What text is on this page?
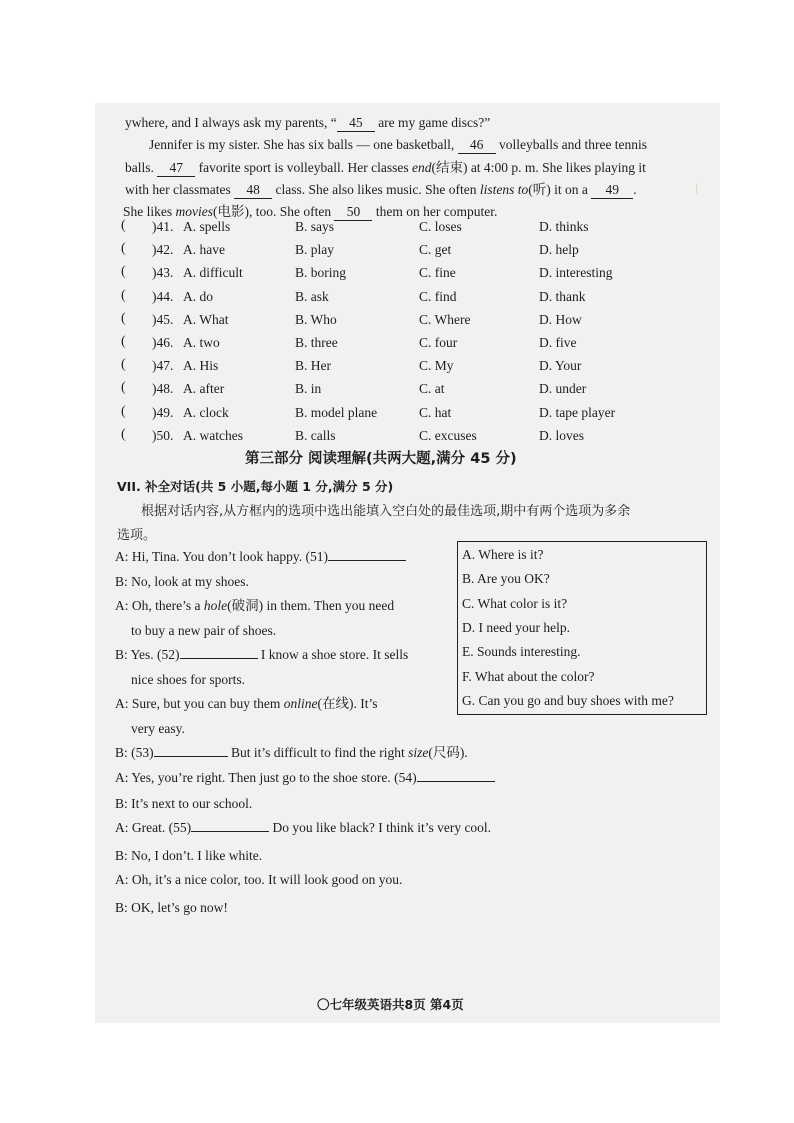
ywhere, and I always ask my parents, “ 45 are my game discs?”
Jennifer is my sister. She has six balls — one basketball, 46 volleyballs and three tennis
balls. 47 favorite sport is volleyball. Her classes end(结束) at 4:00 p. m. She likes playing it
with her classmates 48 class. She also likes music. She often listens to(听) it on a 49 .
She likes movies(电影), too. She often 50 them on her computer.
( )41. A. spells	B. says	C. loses	D. thinks
( )42. A. have	B. play	C. get	D. help
( )43. A. difficult	B. boring	C. fine	D. interesting
( )44. A. do	B. ask	C. find	D. thank
( )45. A. What	B. Who	C. Where	D. How
( )46. A. two	B. three	C. four	D. five
( )47. A. His	B. Her	C. My	D. Your
( )48. A. after	B. in	C. at	D. under
( )49. A. clock	B. model plane	C. hat	D. tape player
( )50. A. watches	B. calls	C. excuses	D. loves
|
第三部分 阅读理解(共两大题,满分 45 分)
VII. 补全对话(共 5 小题,每小题 1 分,满分 5 分)
根据对话内容,从方框内的选项中选出能填入空白处的最佳选项,期中有两个选项为多余
选项。
A: Hi, Tina. You don’t look happy. (51)
B: No, look at my shoes.
A: Oh, there’s a hole(破洞) in them. Then you need
to buy a new pair of shoes.
B: Yes. (52)	I know a shoe store. It sells
nice shoes for sports.
A: Sure, but you can buy them online(在线). It’s
very easy.
B: (53)	But it’s difficult to find the right size(尺码).
A: Yes, you’re right. Then just go to the shoe store. (54)
B: It’s next to our school.
A: Great. (55)	Do you like black? I think it’s very cool.
B: No, I don’t. I like white.
A: Oh, it’s a nice color, too. It will look good on you.
B: OK, let’s go now!
A. Where is it?
B. Are you OK?
C. What color is it?
D. I need your help.
E. Sounds interesting.
F. What about the color?
G. Can you go and buy shoes with me?
〇七年级英语共8页 第4页
